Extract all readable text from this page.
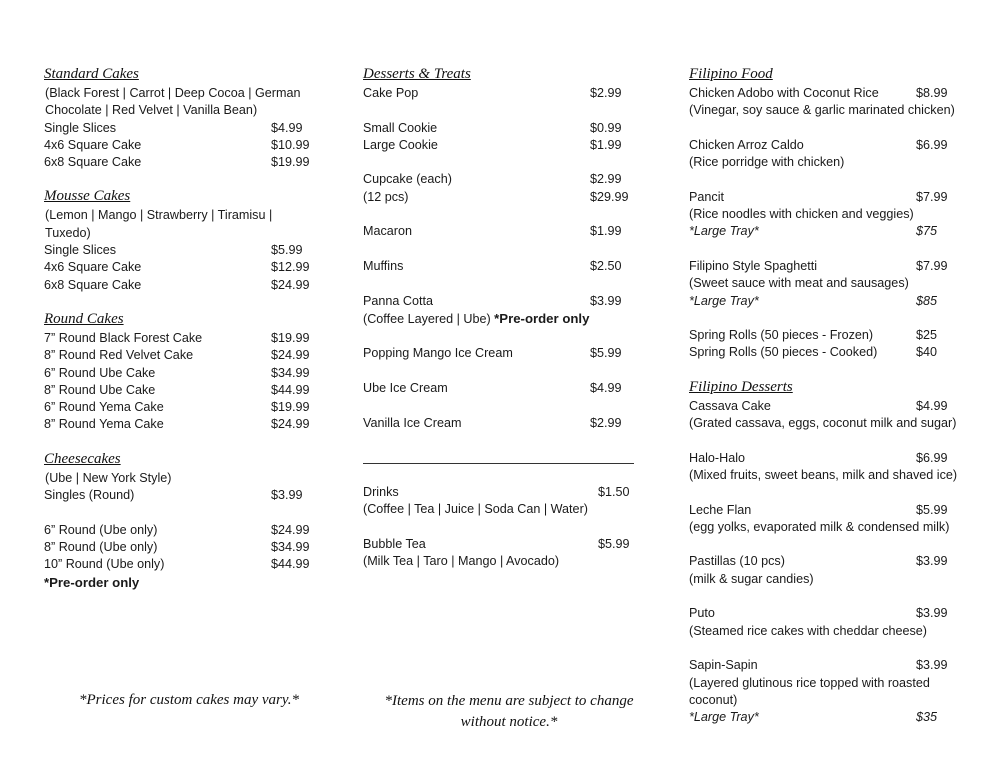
Standard Cakes
(Black Forest | Carrot | Deep Cocoa | German Chocolate | Red Velvet | Vanilla Bean)
Single Slices	$4.99
4x6 Square Cake	$10.99
6x8 Square Cake	$19.99
Mousse Cakes
(Lemon | Mango | Strawberry | Tiramisu | Tuxedo)
Single Slices	$5.99
4x6 Square Cake	$12.99
6x8 Square Cake	$24.99
Round Cakes
7” Round Black Forest Cake	$19.99
8” Round Red Velvet Cake	$24.99
6” Round Ube Cake	$34.99
8” Round Ube Cake	$44.99
6” Round Yema Cake	$19.99
8” Round Yema Cake	$24.99
Cheesecakes
(Ube | New York Style)
Singles (Round)	$3.99
6” Round (Ube only)	$24.99
8” Round (Ube only)	$34.99
10” Round (Ube only)	$44.99
*Pre-order only
Desserts & Treats
Cake Pop	$2.99
Small Cookie	$0.99
Large Cookie	$1.99
Cupcake (each)	$2.99
(12 pcs)	$29.99
Macaron	$1.99
Muffins	$2.50
Panna Cotta	$3.99
(Coffee Layered | Ube) *Pre-order only
Popping Mango Ice Cream	$5.99
Ube Ice Cream	$4.99
Vanilla Ice Cream	$2.99
Drinks	$1.50
(Coffee | Tea | Juice | Soda Can | Water)
Bubble Tea	$5.99
(Milk Tea | Taro | Mango | Avocado)
Filipino Food
Chicken Adobo with Coconut Rice	$8.99
(Vinegar, soy sauce & garlic marinated chicken)
Chicken Arroz Caldo	$6.99
(Rice porridge with chicken)
Pancit	$7.99
(Rice noodles with chicken and veggies)
*Large Tray*	$75
Filipino Style Spaghetti	$7.99
(Sweet sauce with meat and sausages)
*Large Tray*	$85
Spring Rolls (50 pieces - Frozen)	$25
Spring Rolls (50 pieces - Cooked)	$40
Filipino Desserts
Cassava Cake	$4.99
(Grated cassava, eggs, coconut milk and sugar)
Halo-Halo	$6.99
(Mixed fruits, sweet beans, milk and shaved ice)
Leche Flan	$5.99
(egg yolks, evaporated milk & condensed milk)
Pastillas (10 pcs)	$3.99
(milk & sugar candies)
Puto	$3.99
(Steamed rice cakes with cheddar cheese)
Sapin-Sapin	$3.99
(Layered glutinous rice topped with roasted coconut)
*Large Tray*	$35
*Prices for custom cakes may vary.*	*Items on the menu are subject to change without notice.*
